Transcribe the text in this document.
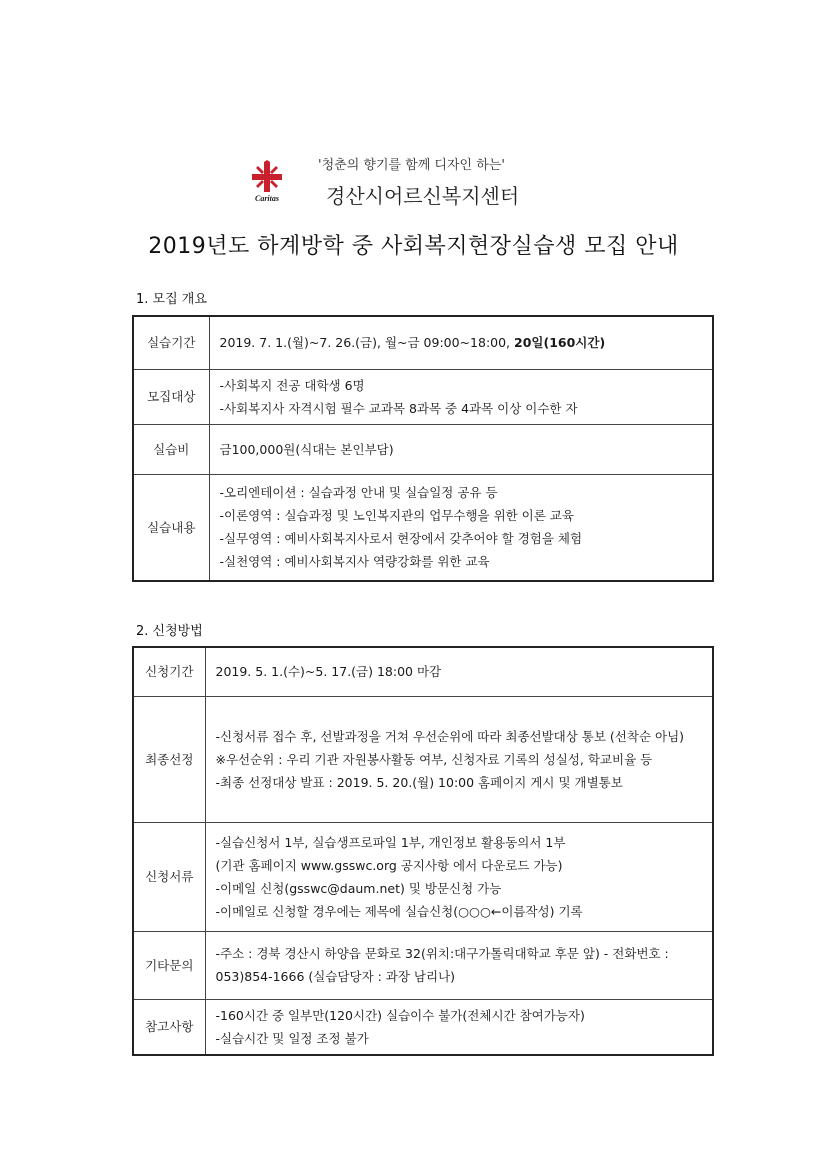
Caritas
'청춘의 향기를 함께 디자인 하는'
경산시어르신복지센터
2019년도 하계방학 중 사회복지현장실습생 모집 안내
1. 모집 개요
실습기간	2019. 7. 1.(월)~7. 26.(금), 월~금 09:00~18:00, 20일(160시간)
모집대상	-사회복지 전공 대학생 6명
-사회복지사 자격시험 필수 교과목 8과목 중 4과목 이상 이수한 자

실습비	금100,000원(식대는 본인부담)

실습내용	-오리엔테이션 : 실습과정 안내 및 실습일정 공유 등
-이론영역 : 실습과정 및 노인복지관의 업무수행을 위한 이론 교육
-실무영역 : 예비사회복지사로서 현장에서 갖추어야 할 경험을 체험
-실천영역 : 예비사회복지사 역량강화를 위한 교육
2. 신청방법
신청기간	2019. 5. 1.(수)~5. 17.(금) 18:00 마감

최종선정	-신청서류 접수 후, 선발과정을 거쳐 우선순위에 따라 최종선발대상 통보 (선착순 아님)
※우선순위 : 우리 기관 자원봉사활동 여부, 신청자료 기록의 성실성, 학교비율 등
-최종 선정대상 발표 : 2019. 5. 20.(월) 10:00 홈페이지 게시 및 개별통보

신청서류	-실습신청서 1부, 실습생프로파일 1부, 개인정보 활용동의서 1부
(기관 홈페이지 www.gsswc.org 공지사항 에서 다운로드 가능)
-이메일 신청(gsswc@daum.net) 및 방문신청 가능
-이메일로 신청할 경우에는 제목에 실습신청(○○○←이름작성) 기록

기타문의	-주소 : 경북 경산시 하양읍 문화로 32(위치:대구가톨릭대학교 후문 앞) - 전화번호 : 053)854-1666 (실습담당자 : 과장 남리나)

참고사항	-160시간 중 일부만(120시간) 실습이수 불가(전체시간 참여가능자)
-실습시간 및 일정 조정 불가
